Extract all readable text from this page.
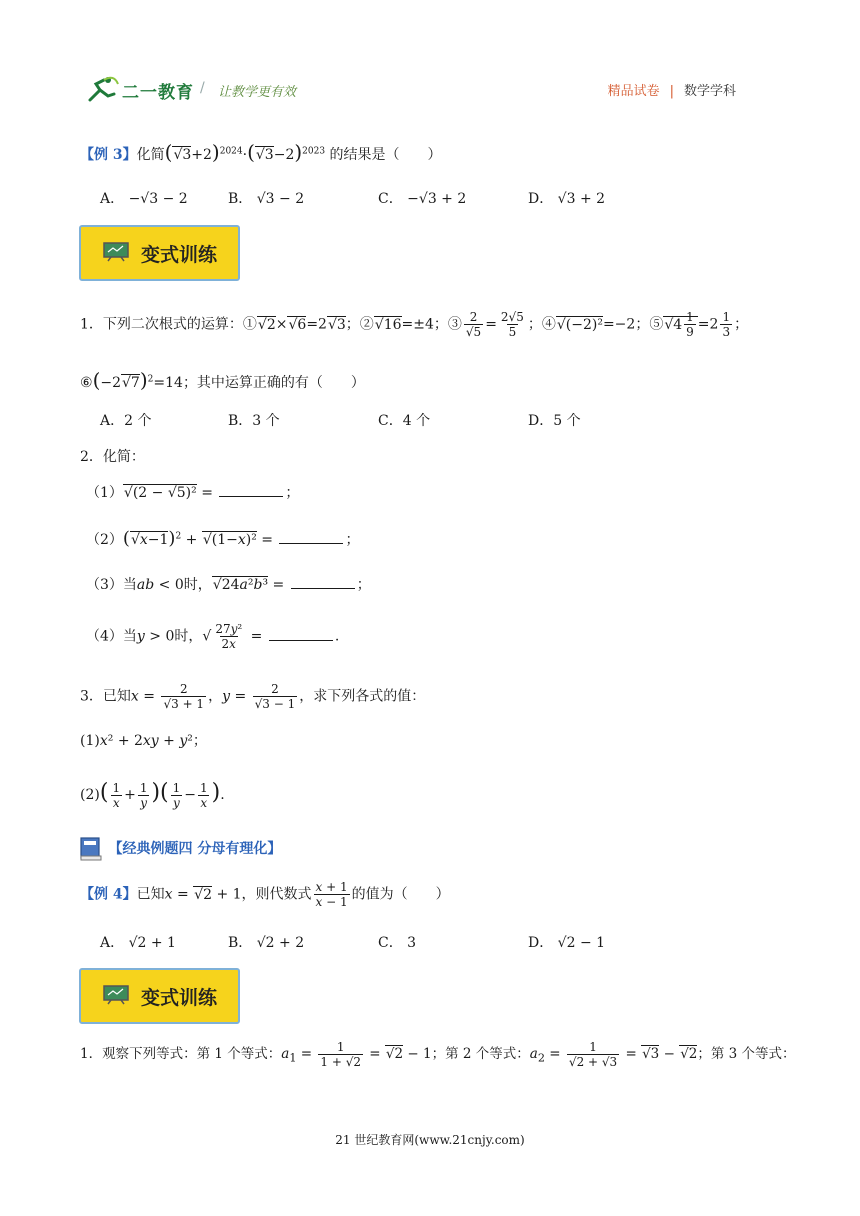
二一教育 / 让教学更有效	精品试卷 | 数学学科
【例 3】化简$(√3+2)^{2024}\cdot(√3-2)^{2023}$ 的结果是（　　）
A． −√3 − 2	B． √3 − 2	C． −√3 + 2	D． √3 + 2
变式训练
1．下列二次根式的运算：①√2×√6=2√3；②√16=±4；③ $\frac{2}{√5} = \frac{2√5}{5}$ ；④√(−2)²=−2；⑤√4 $\frac{1}{9} =2 \frac{1}{3}$ ；
$⑥(-2√7)^2=14$；其中运算正确的有（　　）
A．2 个	B．3 个	C．4 个	D．5 个
2．化简：
（1）√(2 − √5)² =	；
$(2)(√x-1)^2 + √(1-x)^2$ =	；
（3）当ab < 0时，√24a²b³ =	；
（4）当y > 0时，√ $\frac{\text{27y²}}{2x}$ =	.
3．已知$x = \frac{2}{√3 + 1}$ ，$y = \frac{2}{√3 - 1}$ ，求下列各式的值：
(1)x² + 2xy + y²；
$(2)( \frac{1}{x} + \frac{1}{y}$ )( $\frac{1}{y} - \frac{1}{x}$ ).
【经典例题四 分母有理化】
【例 4】已知x = √2 + 1，则代数式 $\frac{x + 1}{x - 1}$ 的值为（　　）
A． √2 + 1	B． √2 + 2	C． 3	D． √2 − 1
变式训练
1．观察下列等式：第 1 个等式：$a_1 = \frac{1}{1 + √2} = √2 - 1$；第 2 个等式：$a_2 = \frac{1}{√2 + √3} = √3 - √2$；第 3 个等式：
21 世纪教育网(www.21cnjy.com)
